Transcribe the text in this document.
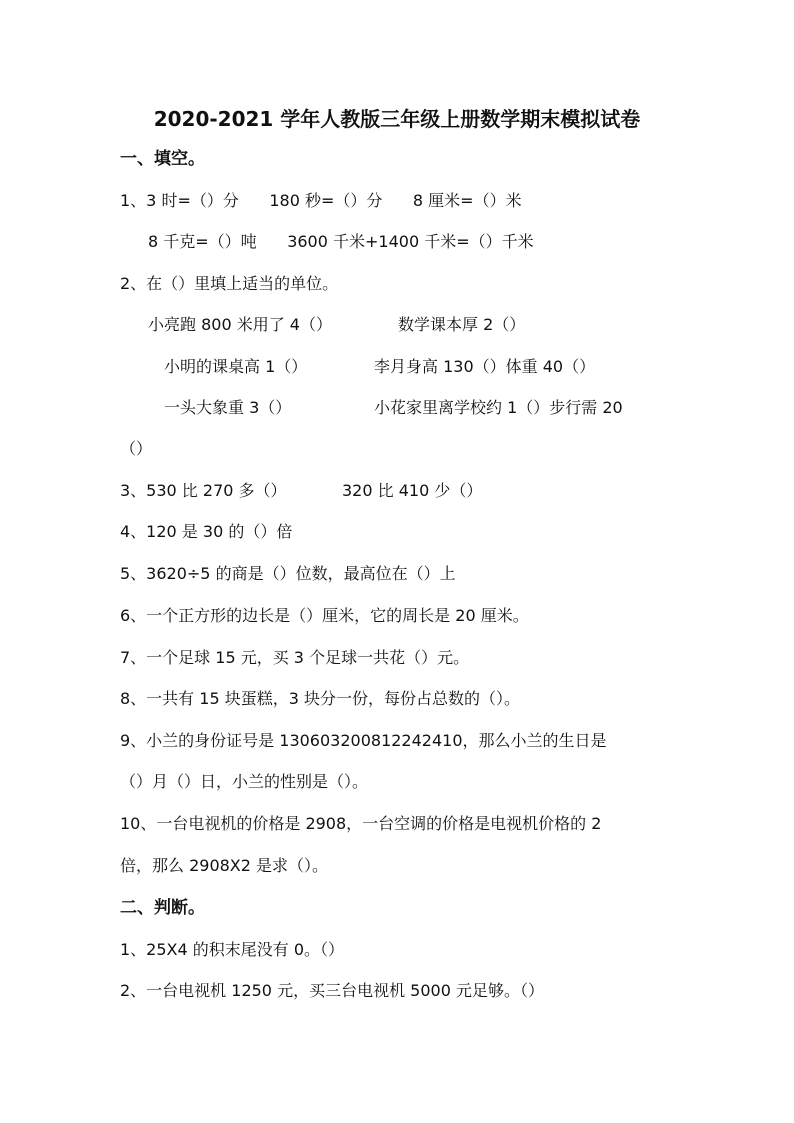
2020-2021 学年人教版三年级上册数学期末模拟试卷
一、填空。
1、3 时=（）分      180 秒=（）分      8 厘米=（）米
8 千克=（）吨      3600 千米+1400 千米=（）千米
2、在（）里填上适当的单位。
小亮跑 800 米用了 4（）	数学课本厚 2（）
小明的课桌高 1（）	李月身高 130（）体重 40（）
一头大象重 3（）	小花家里离学校约 1（）步行需 20
（）
3、530 比 270 多（）	320 比 410 少（）
4、120 是 30 的（）倍
5、3620÷5 的商是（）位数，最高位在（）上
6、一个正方形的边长是（）厘米，它的周长是 20 厘米。
7、一个足球 15 元，买 3 个足球一共花（）元。
8、一共有 15 块蛋糕，3 块分一份，每份占总数的（）。
9、小兰的身份证号是 130603200812242410，那么小兰的生日是
（）月（）日，小兰的性别是（）。
10、一台电视机的价格是 2908，一台空调的价格是电视机价格的 2
倍，那么 2908X2 是求（）。
二、判断。
1、25X4 的积末尾没有 0。（）
2、一台电视机 1250 元，买三台电视机 5000 元足够。（）
